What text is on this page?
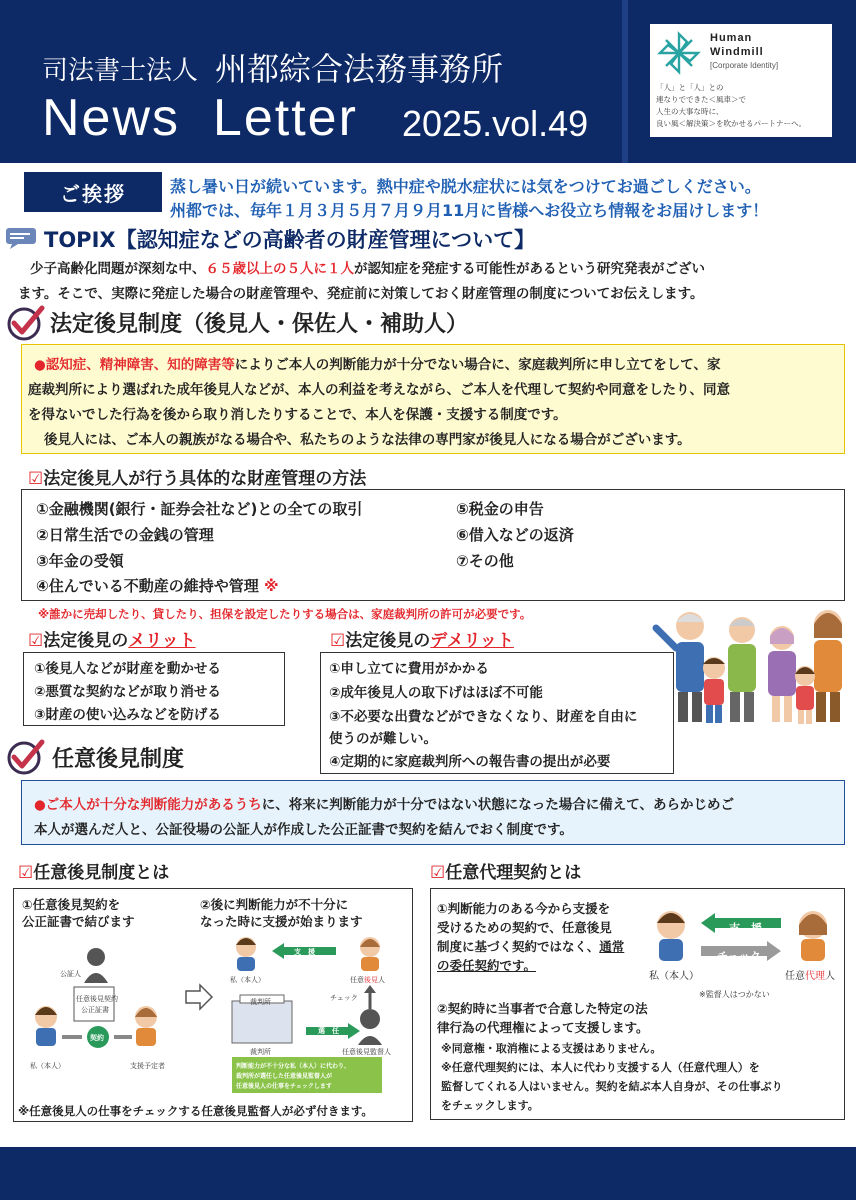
司法書士法人 州都綜合法務事務所
News  Letter 2025.vol.49
Human
Windmill
[Corporate Identity]
「人」と「人」との
連なりでできた＜風車＞で
人生の大事な時に、
良い風＜解決策＞を吹かせるパートナーへ。
ご挨拶	蒸し暑い日が続いています。熱中症や脱水症状には気をつけてお過ごしください。
州都では、毎年１月３月５月７月９月11月に皆様へお役立ち情報をお届けします！
TOPIX【認知症などの高齢者の財産管理について】
少子高齢化問題が深刻な中、６５歳以上の５人に１人が認知症を発症する可能性があるという研究発表がござい
ます。そこで、実際に発症した場合の財産管理や、発症前に対策しておく財産管理の制度についてお伝えします。
法定後見制度（後見人・保佐人・補助人）
●認知症、精神障害、知的障害等によりご本人の判断能力が十分でない場合に、家庭裁判所に申し立てをして、家
庭裁判所により選ばれた成年後見人などが、本人の利益を考えながら、ご本人を代理して契約や同意をしたり、同意
を得ないでした行為を後から取り消したりすることで、本人を保護・支援する制度です。
後見人には、ご本人の親族がなる場合や、私たちのような法律の専門家が後見人になる場合がございます。
☑法定後見人が行う具体的な財産管理の方法
①金融機関(銀行・証券会社など)との全ての取引
②日常生活での金銭の管理
③年金の受領
④住んでいる不動産の維持や管理 ※
⑤税金の申告
⑥借入などの返済
⑦その他
※誰かに売却したり、貸したり、担保を設定したりする場合は、家庭裁判所の許可が必要です。
☑法定後見のメリット	☑法定後見のデメリット
①後見人などが財産を動かせる
②悪質な契約などが取り消せる
③財産の使い込みなどを防げる
①申し立てに費用がかかる
②成年後見人の取下げはほぼ不可能
③不必要な出費などができなくなり、財産を自由に
使うのが難しい。
④定期的に家庭裁判所への報告書の提出が必要
任意後見制度
●ご本人が十分な判断能力があるうちに、将来に判断能力が十分ではない状態になった場合に備えて、あらかじめご
本人が選んだ人と、公証役場の公証人が作成した公正証書で契約を結んでおく制度です。
☑任意後見制度とは	☑任意代理契約とは
①任意後見契約を
公正証書で結びます
②後に判断能力が不十分に
なった時に支援が始まります
公証人
任意後見契約
公正証書
契約
私（本人）	支援予定者
支　援
私（本人）	任意後見人
チェック
裁判所
裁判所
選　任
任意後見監督人
判断能力が不十分な私（本人）に代わり、
裁判所が選任した任意後見監督人が
任意後見人の仕事をチェックします
※任意後見人の仕事をチェックする任意後見監督人が必ず付きます。
①判断能力のある今から支援を
受けるための契約で、任意後見
制度に基づく契約ではなく、通常
の委任契約です。
支　援
チェック
私（本人）	任意代理人
※監督人はつかない
②契約時に当事者で合意した特定の法
律行為の代理権によって支援します。
※同意権・取消権による支援はありません。
※任意代理契約には、本人に代わり支援する人（任意代理人）を
監督してくれる人はいません。契約を結ぶ本人自身が、その仕事ぶり
をチェックします。
